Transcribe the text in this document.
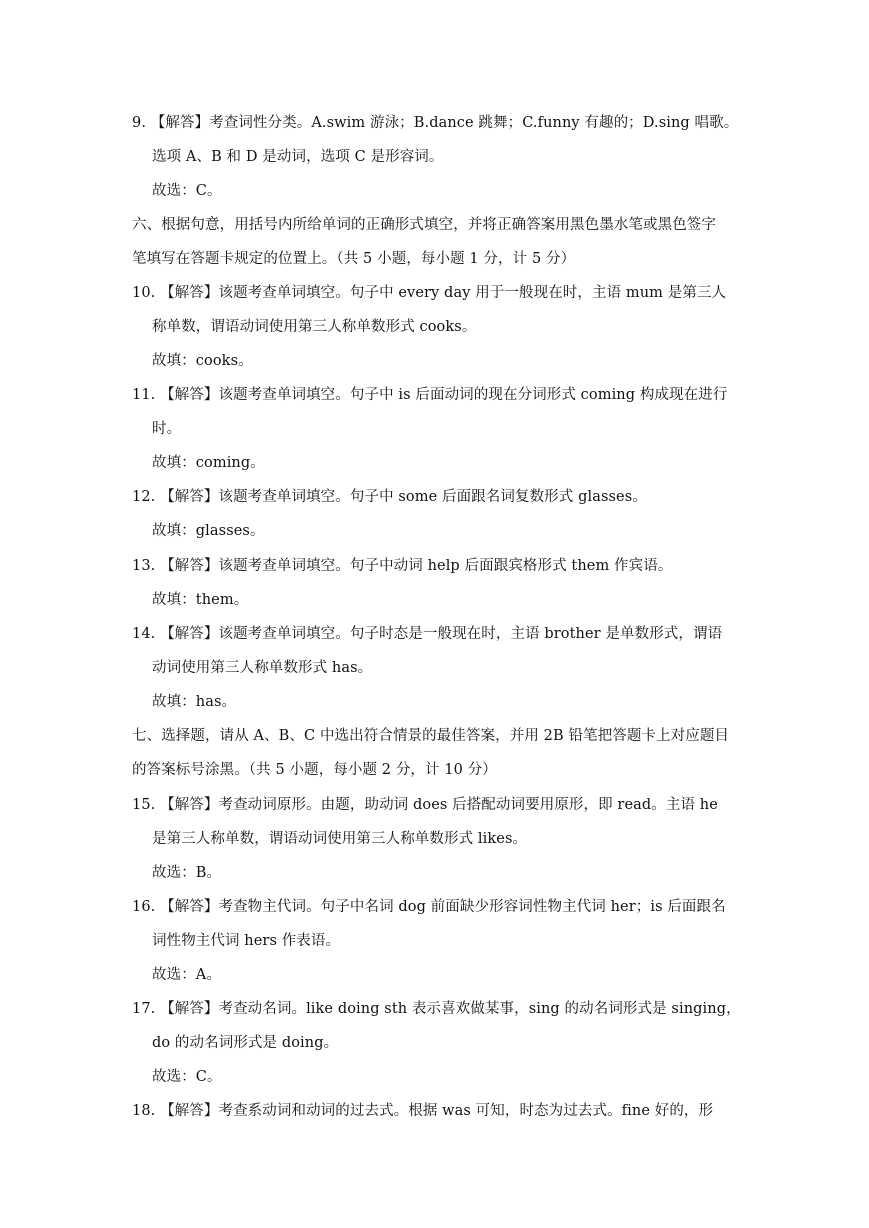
9. 【解答】考查词性分类。A.swim 游泳；B.dance 跳舞；C.funny 有趣的；D.sing 唱歌。
选项 A、B 和 D 是动词，选项 C 是形容词。
故选：C。
六、根据句意，用括号内所给单词的正确形式填空，并将正确答案用黑色墨水笔或黑色签字
笔填写在答题卡规定的位置上。（共 5 小题，每小题 1 分，计 5 分）
10. 【解答】该题考查单词填空。句子中 every day 用于一般现在时，主语 mum 是第三人
称单数，谓语动词使用第三人称单数形式 cooks。
故填：cooks。
11. 【解答】该题考查单词填空。句子中 is 后面动词的现在分词形式 coming 构成现在进行
时。
故填：coming。
12. 【解答】该题考查单词填空。句子中 some 后面跟名词复数形式 glasses。
故填：glasses。
13. 【解答】该题考查单词填空。句子中动词 help 后面跟宾格形式 them 作宾语。
故填：them。
14. 【解答】该题考查单词填空。句子时态是一般现在时，主语 brother 是单数形式，谓语
动词使用第三人称单数形式 has。
故填：has。
七、选择题，请从 A、B、C 中选出符合情景的最佳答案，并用 2B 铅笔把答题卡上对应题目
的答案标号涂黑。（共 5 小题，每小题 2 分，计 10 分）
15. 【解答】考查动词原形。由题，助动词 does 后搭配动词要用原形，即 read。主语 he
是第三人称单数，谓语动词使用第三人称单数形式 likes。
故选：B。
16. 【解答】考查物主代词。句子中名词 dog 前面缺少形容词性物主代词 her；is 后面跟名
词性物主代词 hers 作表语。
故选：A。
17. 【解答】考查动名词。like doing sth 表示喜欢做某事，sing 的动名词形式是 singing，
do 的动名词形式是 doing。
故选：C。
18. 【解答】考查系动词和动词的过去式。根据 was 可知，时态为过去式。fine 好的，形
